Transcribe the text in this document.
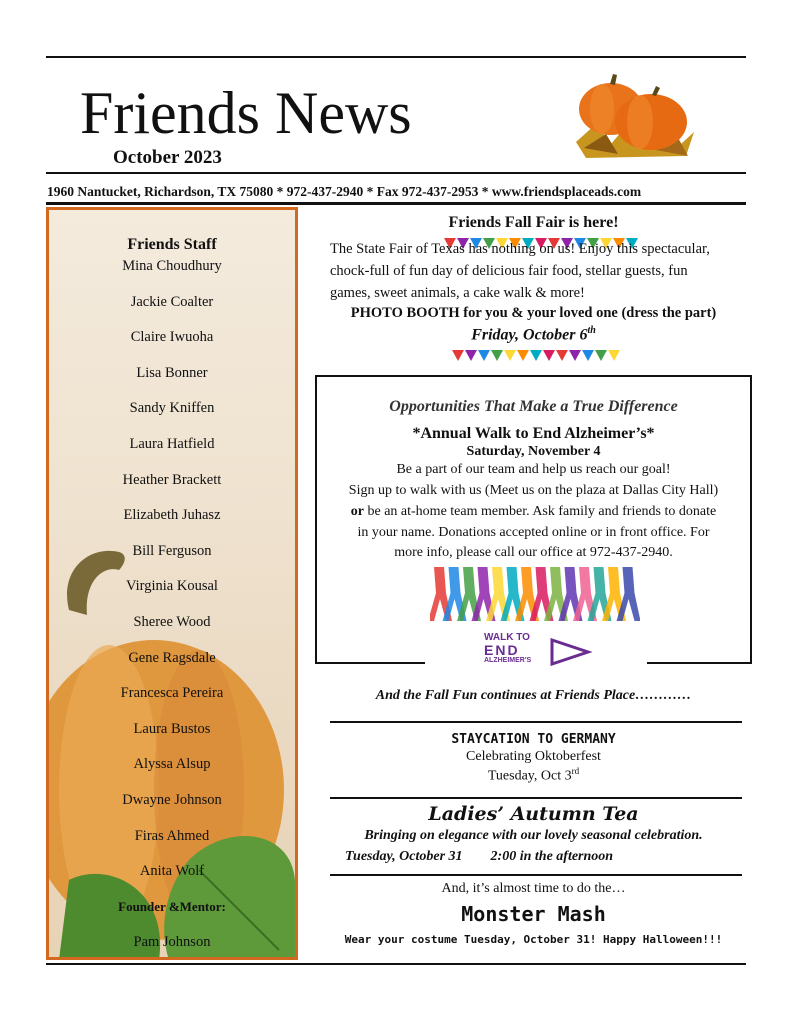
Friends News
October 2023
1960 Nantucket, Richardson, TX 75080 * 972-437-2940 * Fax 972-437-2953 * www.friendsplaceads.com
Friends Staff
Mina Choudhury
Jackie Coalter
Claire Iwuoha
Lisa Bonner
Sandy Kniffen
Laura Hatfield
Heather Brackett
Elizabeth Juhasz
Bill Ferguson
Virginia Kousal
Sheree Wood
Gene Ragsdale
Francesca Pereira
Laura Bustos
Alyssa Alsup
Dwayne Johnson
Firas Ahmed
Anita Wolf
Founder &Mentor:
Pam Johnson
Friends Fall Fair is here!
The State Fair of Texas has nothing on us! Enjoy this spectacular,
chock-full of fun day of delicious fair food, stellar guests, fun
games, sweet animals, a cake walk & more!
PHOTO BOOTH for you & your loved one (dress the part)
Friday, October 6th
Opportunities That Make a True Difference
*Annual Walk to End Alzheimer’s*
Saturday, November 4
Be a part of our team and help us reach our goal!
Sign up to walk with us (Meet us on the plaza at Dallas City Hall)
or be an at-home team member. Ask family and friends to donate
in your name. Donations accepted online or in front office. For
more info, please call our office at 972-437-2940.
WALK TO
END
ALZHEIMER'S
And the Fall Fun continues at Friends Place…………
STAYCATION TO GERMANY
Celebrating Oktoberfest
Tuesday, Oct 3rd
Ladies’ Autumn Tea
Bringing on elegance with our lovely seasonal celebration.
Tuesday, October 31        2:00 in the afternoon
And, it’s almost time to do the…
Monster Mash
Wear your costume Tuesday, October 31! Happy Halloween!!!
